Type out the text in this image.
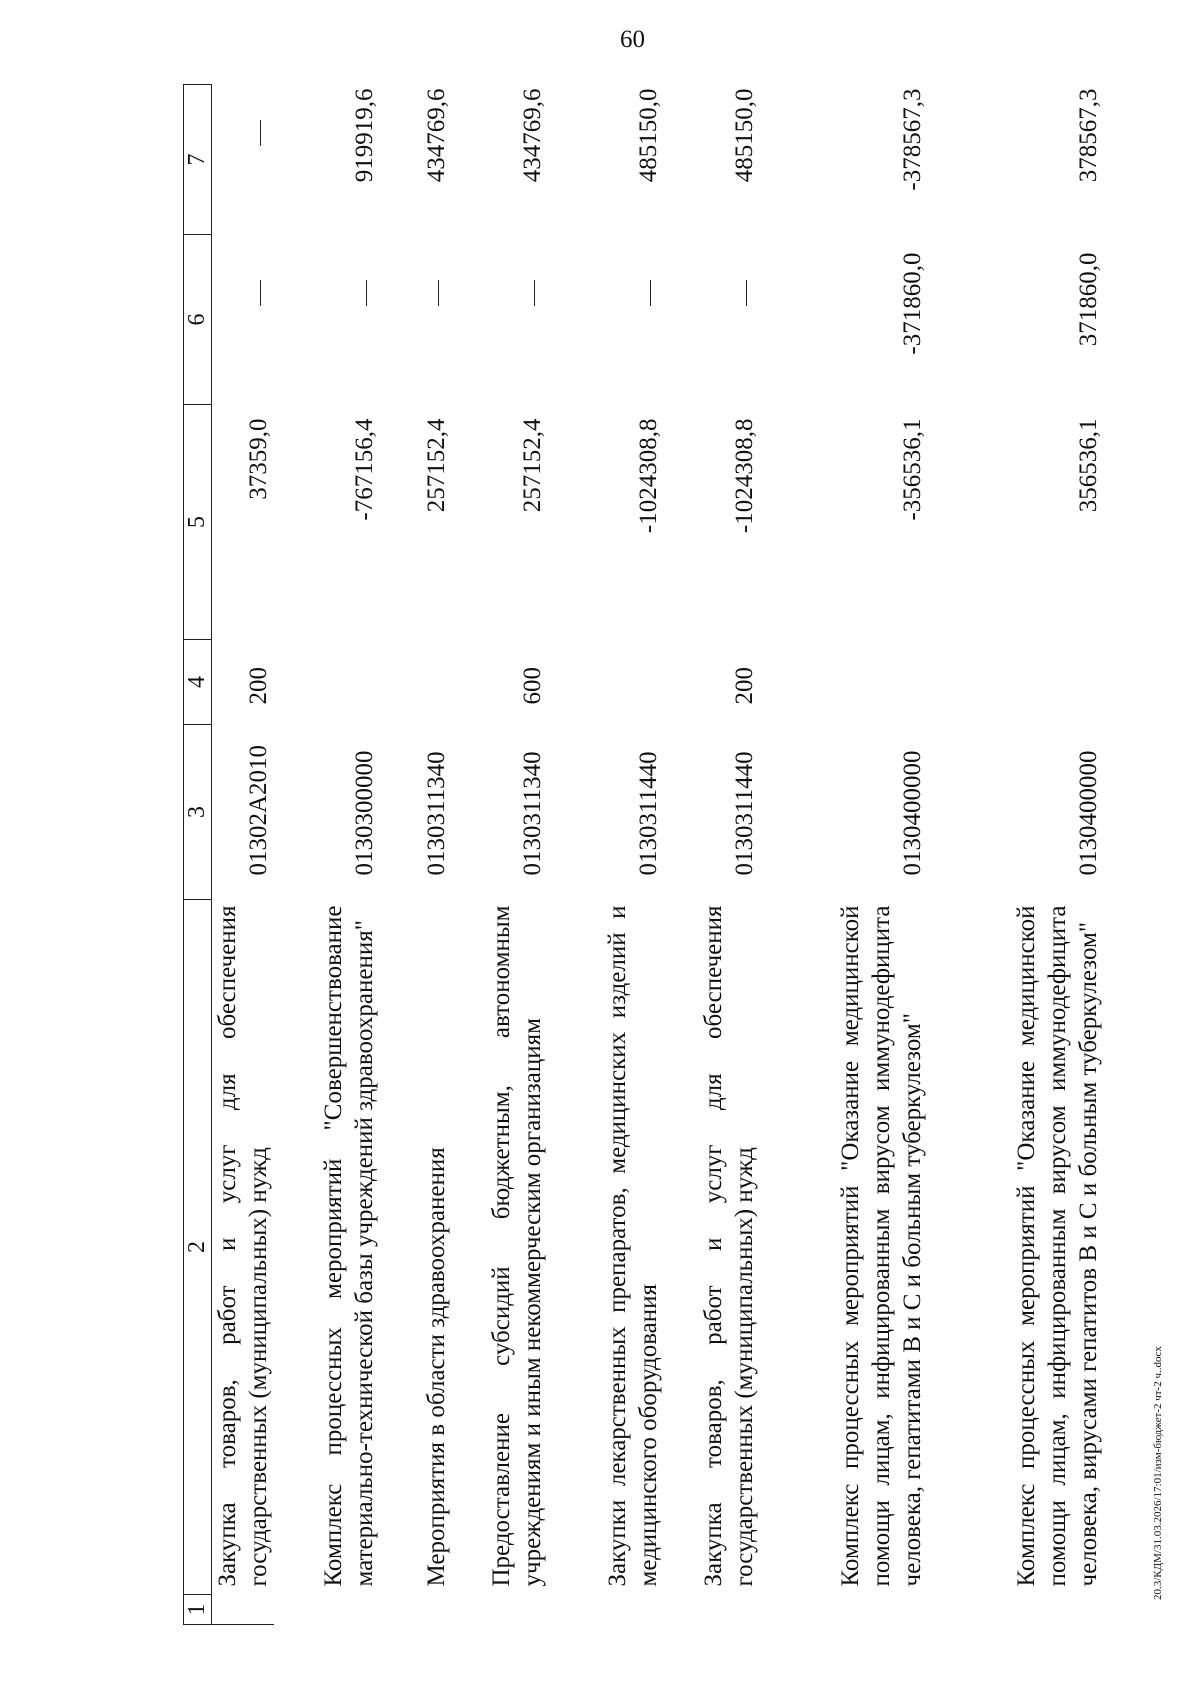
60
1	2	3	4	5	6	7
	Закупка товаров, работ и услуг для обеспечения государственных (муниципальных) нужд	01302A2010	200	37359,0		
	Комплекс процессных мероприятий "Совершенствование материально-технической базы учреждений здравоохранения"	0130300000		-767156,4		919919,6
	Мероприятия в области здравоохранения	0130311340		257152,4		434769,6
	Предоставление субсидий бюджетным, автономным учреждениям и иным некоммерческим организациям	0130311340	600	257152,4		434769,6
	Закупки лекарственных препаратов, медицинских изделий и медицинского оборудования	0130311440		-1024308,8		485150,0
	Закупка товаров, работ и услуг для обеспечения государственных (муниципальных) нужд	0130311440	200	-1024308,8		485150,0
	Комплекс процессных мероприятий "Оказание медицинской помощи лицам, инфицированным вирусом иммунодефицита человека, гепатитами B и C и больным туберкулезом"	0130400000		-356536,1	-371860,0	-378567,3
	Комплекс процессных мероприятий "Оказание медицинской помощи лицам, инфицированным вирусом иммунодефицита человека, вирусами гепатитов B и C и больным туберкулезом"	0130400000		356536,1	371860,0	378567,3
20.3/КДМ/31.03.2026/17:01/изм-бюджет-2 чт-2 ч..docx
